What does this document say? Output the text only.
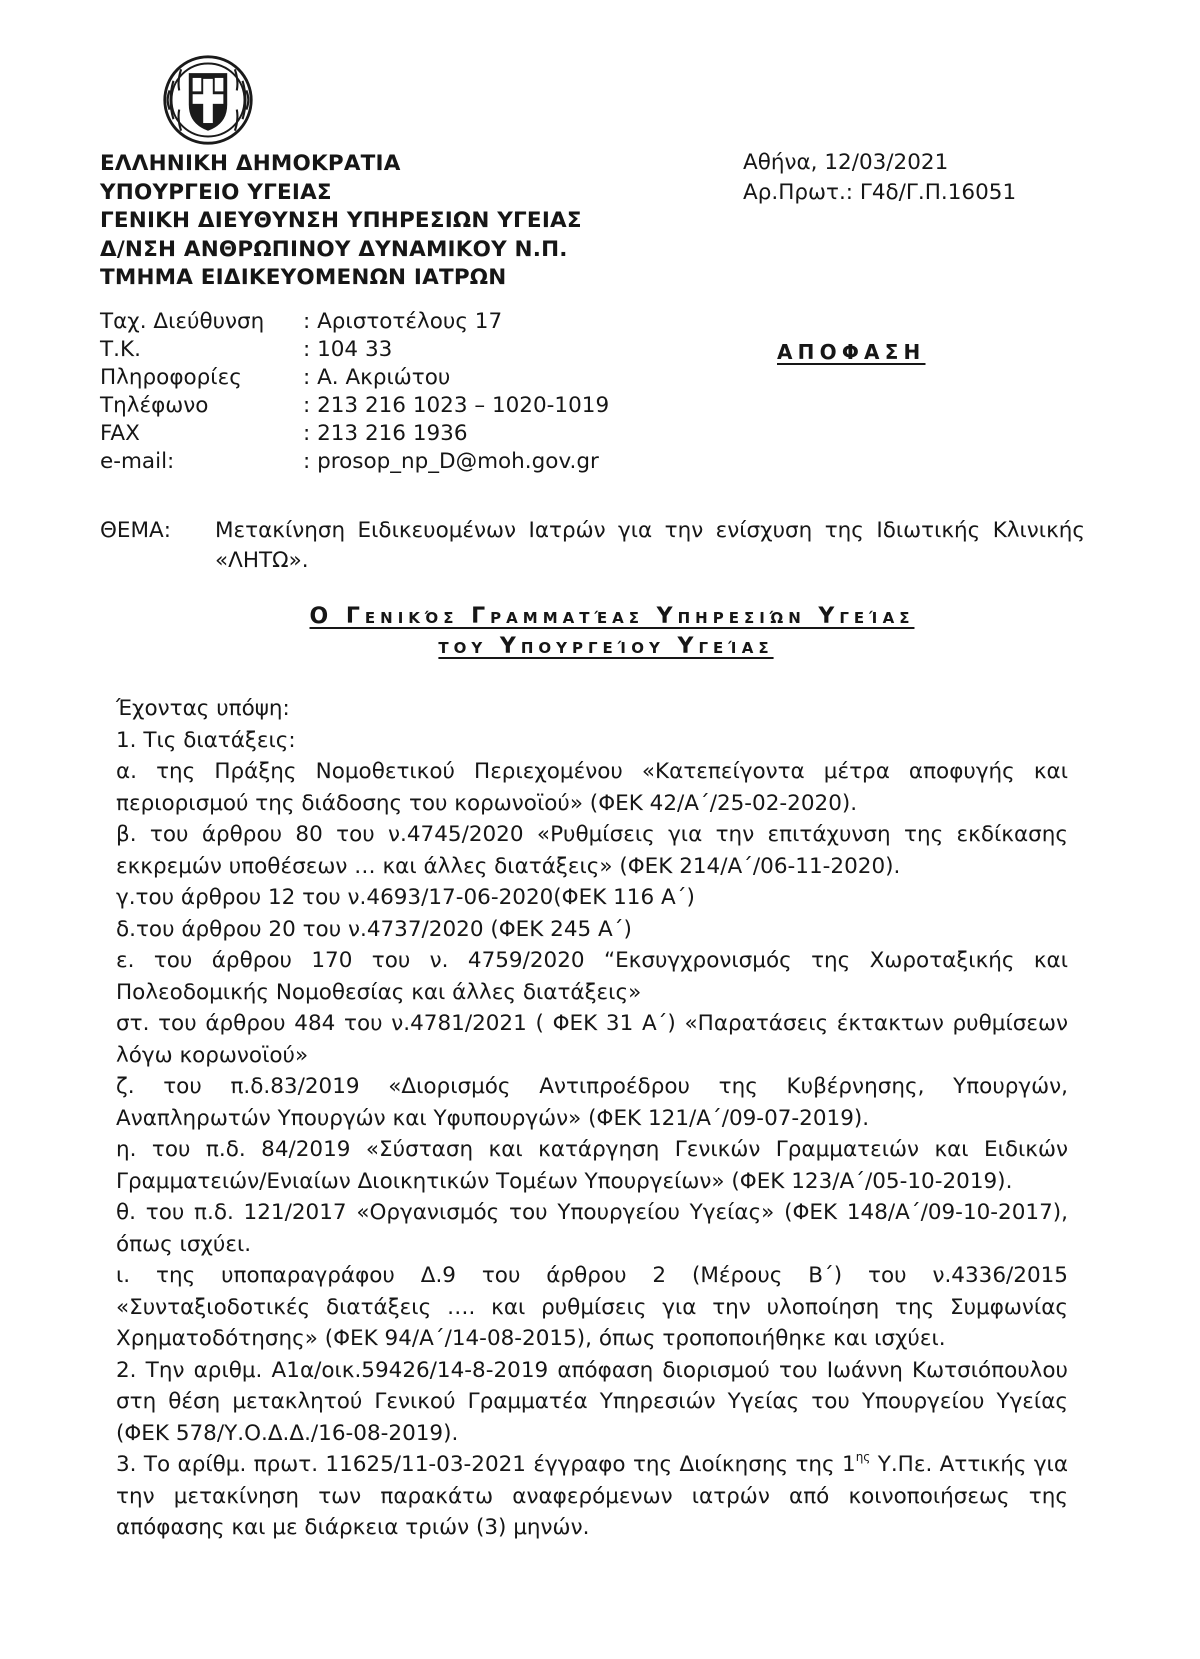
ΕΛΛΗΝΙΚΗ ΔΗΜΟΚΡΑΤΙΑ
ΥΠΟΥΡΓΕΙΟ ΥΓΕΙΑΣ
ΓΕΝΙΚΗ ΔΙΕΥΘΥΝΣΗ ΥΠΗΡΕΣΙΩΝ ΥΓΕΙΑΣ
Δ/ΝΣΗ ΑΝΘΡΩΠΙΝΟΥ ΔΥΝΑΜΙΚΟΥ Ν.Π.
ΤΜΗΜΑ ΕΙΔΙΚΕΥΟΜΕΝΩΝ ΙΑΤΡΩΝ
Αθήνα, 12/03/2021
Αρ.Πρωτ.: Γ4δ/Γ.Π.16051
Ταχ. Διεύθυνση : Αριστοτέλους 17
Τ.Κ.	: 104 33
Πληροφορίες	: Α. Ακριώτου
Τηλέφωνο	: 213 216 1023 – 1020-1019
FAX	: 213 216 1936
e-mail:	: prosop_np_D@moh.gov.gr
ΑΠΟΦΑΣΗ
ΘΕΜΑ: Μετακίνηση Ειδικευομένων Ιατρών για την ενίσχυση της Ιδιωτικής Κλινικής «ΛΗΤΩ».
Ο Γενικός Γραμματέας Υπηρεσιών Υγείας
του Υπουργείου Υγείας

Έχοντας υπόψη:

1. Τις διατάξεις:

α. της Πράξης Νομοθετικού Περιεχομένου «Κατεπείγοντα μέτρα αποφυγής και περιορισμού της διάδοσης του κορωνοϊού» (ΦΕΚ 42/Α΄/25-02-2020).

β. του άρθρου 80 του ν.4745/2020 «Ρυθμίσεις για την επιτάχυνση της εκδίκασης εκκρεμών υποθέσεων … και άλλες διατάξεις» (ΦΕΚ 214/Α΄/06-11-2020).

γ.του άρθρου 12 του ν.4693/17-06-2020(ΦΕΚ 116 Α΄)

δ.του άρθρου 20 του ν.4737/2020 (ΦΕΚ 245 Α΄)

ε. του άρθρου 170 του ν. 4759/2020 “Εκσυγχρονισμός της Χωροταξικής και Πολεοδομικής Νομοθεσίας και άλλες διατάξεις»

στ. του άρθρου 484 του ν.4781/2021 ( ΦΕΚ 31 Α΄) «Παρατάσεις έκτακτων ρυθμίσεων λόγω κορωνοϊού»

ζ. του π.δ.83/2019 «Διορισμός Αντιπροέδρου της Κυβέρνησης, Υπουργών, Αναπληρωτών Υπουργών και Υφυπουργών» (ΦΕΚ 121/Α΄/09-07-2019).

η. του π.δ. 84/2019 «Σύσταση και κατάργηση Γενικών Γραμματειών και Ειδικών Γραμματειών/Ενιαίων Διοικητικών Τομέων Υπουργείων» (ΦΕΚ 123/Α΄/05-10-2019).

θ. του π.δ. 121/2017 «Οργανισμός του Υπουργείου Υγείας» (ΦΕΚ 148/Α΄/09-10-2017), όπως ισχύει.

ι. της υποπαραγράφου Δ.9 του άρθρου 2 (Μέρους Β΄) του ν.4336/2015 «Συνταξιοδοτικές διατάξεις …. και ρυθμίσεις για την υλοποίηση της Συμφωνίας Χρηματοδότησης» (ΦΕΚ 94/Α΄/14-08-2015), όπως τροποποιήθηκε και ισχύει.

2. Την αριθμ. Α1α/οικ.59426/14-8-2019 απόφαση διορισμού του Ιωάννη Κωτσιόπουλου στη θέση μετακλητού Γενικού Γραμματέα Υπηρεσιών Υγείας του Υπουργείου Υγείας (ΦΕΚ 578/Υ.Ο.Δ.Δ./16-08-2019).

3. Το αρίθμ. πρωτ. 11625/11-03-2021 έγγραφο της Διοίκησης της $1^{\eta\varsigma}$ Υ.Πε. Αττικής για την μετακίνηση των παρακάτω αναφερόμενων ιατρών από κοινοποιήσεως της απόφασης και με διάρκεια τριών (3) μηνών.
